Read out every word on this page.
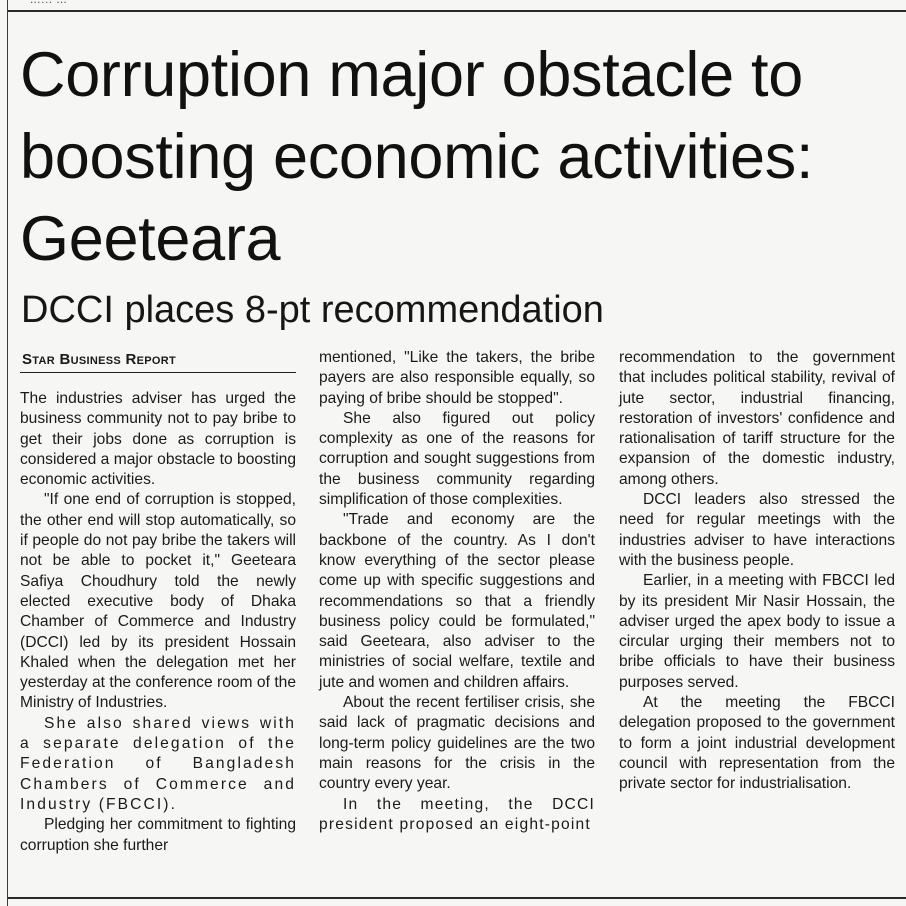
Corruption major obstacle to boosting economic activities: Geeteara
DCCI places 8-pt recommendation
Star Business Report

The industries adviser has urged the business community not to pay bribe to get their jobs done as corruption is considered a major obstacle to boosting economic activities.

"If one end of corruption is stopped, the other end will stop automatically, so if people do not pay bribe the takers will not be able to pocket it," Geeteara Safiya Choudhury told the newly elected executive body of Dhaka Chamber of Commerce and Industry (DCCI) led by its president Hossain Khaled when the delegation met her yesterday at the conference room of the Ministry of Industries.

She also shared views with a separate delegation of the Federation of Bangladesh Chambers of Commerce and Industry (FBCCI).

Pledging her commitment to fighting corruption she further

mentioned, "Like the takers, the bribe payers are also responsible equally, so paying of bribe should be stopped".

She also figured out policy complexity as one of the reasons for corruption and sought suggestions from the business community regarding simplification of those complexities.

"Trade and economy are the backbone of the country. As I don't know everything of the sector please come up with specific suggestions and recommendations so that a friendly business policy could be formulated," said Geeteara, also adviser to the ministries of social welfare, textile and jute and women and children affairs.

About the recent fertiliser crisis, she said lack of pragmatic decisions and long-term policy guidelines are the two main reasons for the crisis in the country every year.

In the meeting, the DCCI president proposed an eight-point

recommendation to the government that includes political stability, revival of jute sector, industrial financing, restoration of investors' confidence and rationalisation of tariff structure for the expansion of the domestic industry, among others.

DCCI leaders also stressed the need for regular meetings with the industries adviser to have interactions with the business people.

Earlier, in a meeting with FBCCI led by its president Mir Nasir Hossain, the adviser urged the apex body to issue a circular urging their members not to bribe officials to have their business purposes served.

At the meeting the FBCCI delegation proposed to the government to form a joint industrial development council with representation from the private sector for industrialisation.
